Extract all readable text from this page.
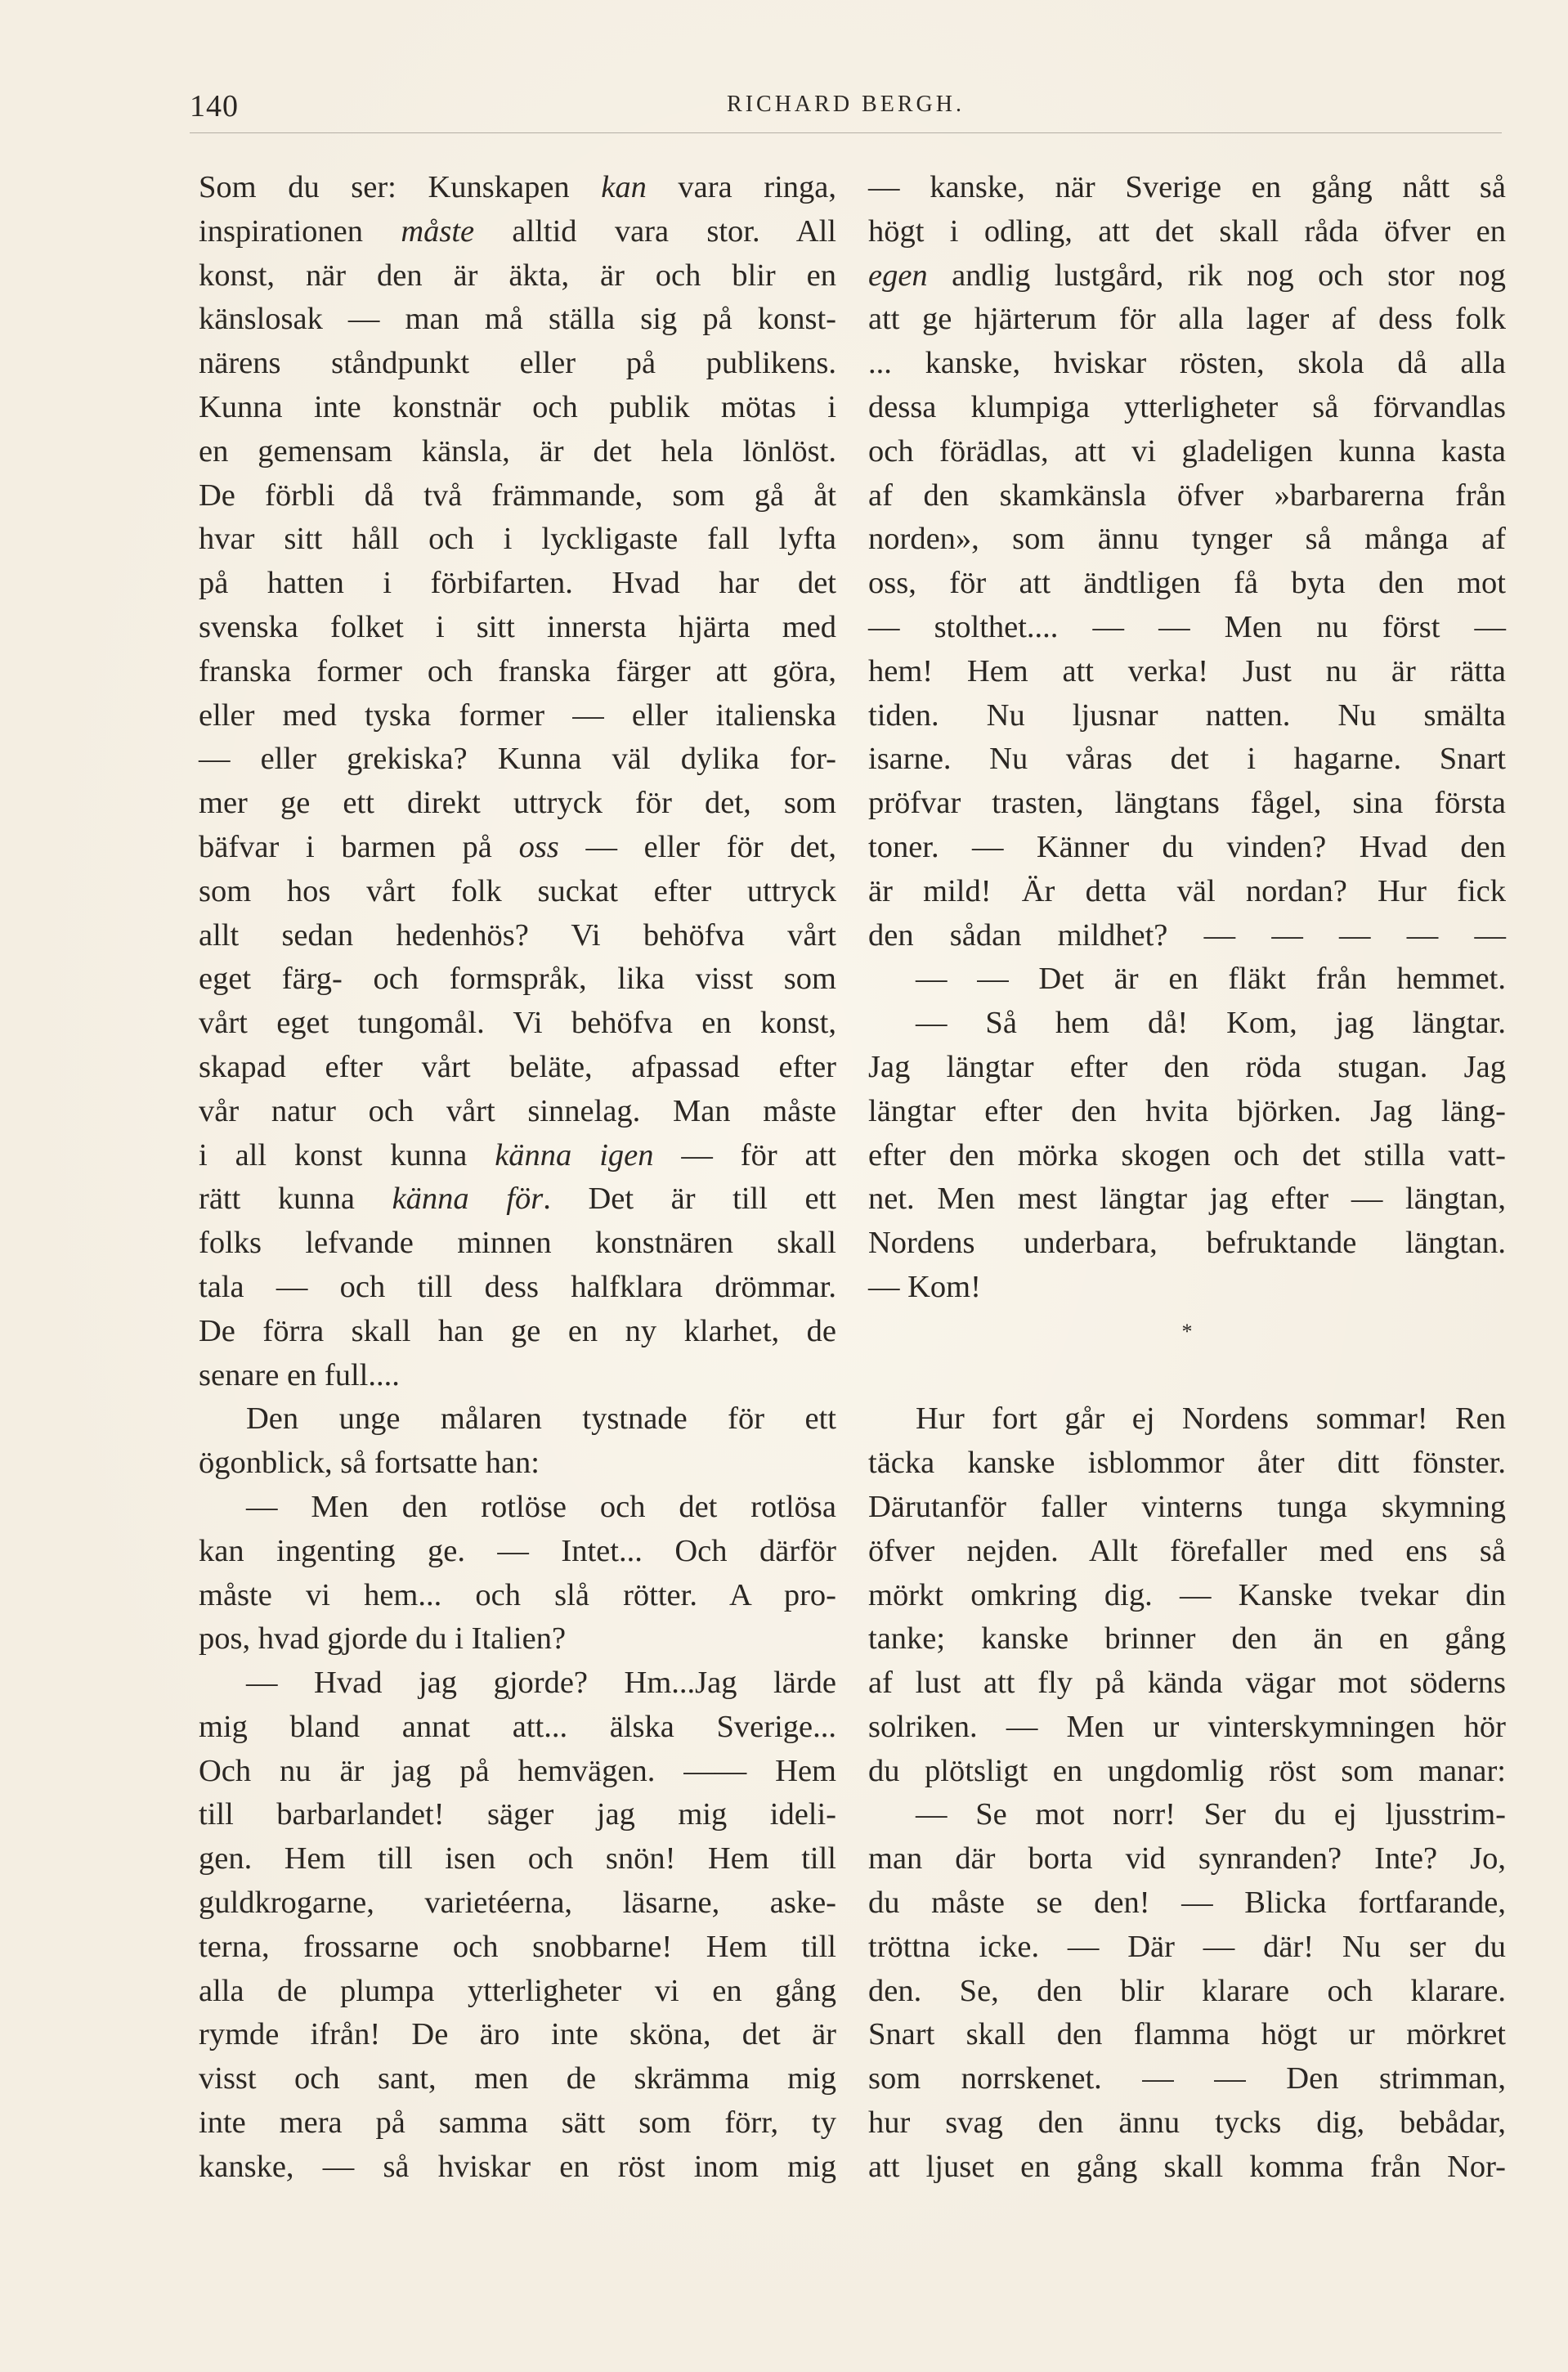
140	RICHARD BERGH.
Som du ser: Kunskapen kan vara ringa,
inspirationen måste alltid vara stor. All
konst, när den är äkta, är och blir en
känslosak — man må ställa sig på konst-
närens ståndpunkt eller på publikens.
Kunna inte konstnär och publik mötas i
en gemensam känsla, är det hela lönlöst.
De förbli då två främmande, som gå åt
hvar sitt håll och i lyckligaste fall lyfta
på hatten i förbifarten. Hvad har det
svenska folket i sitt innersta hjärta med
franska former och franska färger att göra,
eller med tyska former — eller italienska
— eller grekiska? Kunna väl dylika for-
mer ge ett direkt uttryck för det, som
bäfvar i barmen på oss — eller för det,
som hos vårt folk suckat efter uttryck
allt sedan hedenhös? Vi behöfva vårt
eget färg- och formspråk, lika visst som
vårt eget tungomål. Vi behöfva en konst,
skapad efter vårt beläte, afpassad efter
vår natur och vårt sinnelag. Man måste
i all konst kunna känna igen — för att
rätt kunna känna för. Det är till ett
folks lefvande minnen konstnären skall
tala — och till dess halfklara drömmar.
De förra skall han ge en ny klarhet, de
senare en full....
Den unge målaren tystnade för ett
ögonblick, så fortsatte han:
— Men den rotlöse och det rotlösa
kan ingenting ge. — Intet... Och därför
måste vi hem... och slå rötter. A pro-
pos, hvad gjorde du i Italien?
— Hvad jag gjorde? Hm...Jag lärde
mig bland annat att... älska Sverige...
Och nu är jag på hemvägen. —— Hem
till barbarlandet! säger jag mig ideli-
gen. Hem till isen och snön! Hem till
guldkrogarne, varietéerna, läsarne, aske-
terna, frossarne och snobbarne! Hem till
alla de plumpa ytterligheter vi en gång
rymde ifrån! De äro inte sköna, det är
visst och sant, men de skrämma mig
inte mera på samma sätt som förr, ty
kanske, — så hviskar en röst inom mig
— kanske, när Sverige en gång nått så
högt i odling, att det skall råda öfver en
egen andlig lustgård, rik nog och stor nog
att ge hjärterum för alla lager af dess folk
... kanske, hviskar rösten, skola då alla
dessa klumpiga ytterligheter så förvandlas
och förädlas, att vi gladeligen kunna kasta
af den skamkänsla öfver »barbarerna från
norden», som ännu tynger så många af
oss, för att ändtligen få byta den mot
— stolthet.... — — Men nu först —
hem! Hem att verka! Just nu är rätta
tiden. Nu ljusnar natten. Nu smälta
isarne. Nu våras det i hagarne. Snart
pröfvar trasten, längtans fågel, sina första
toner. — Känner du vinden? Hvad den
är mild! Är detta väl nordan? Hur fick
den sådan mildhet? — — — — —
— — Det är en fläkt från hemmet.
— Så hem då! Kom, jag längtar.
Jag längtar efter den röda stugan. Jag
längtar efter den hvita björken. Jag läng-
efter den mörka skogen och det stilla vatt-
net. Men mest längtar jag efter — längtan,
Nordens underbara, befruktande längtan.
— Kom!
*
Hur fort går ej Nordens sommar! Ren
täcka kanske isblommor åter ditt fönster.
Därutanför faller vinterns tunga skymning
öfver nejden. Allt förefaller med ens så
mörkt omkring dig. — Kanske tvekar din
tanke; kanske brinner den än en gång
af lust att fly på kända vägar mot söderns
solriken. — Men ur vinterskymningen hör
du plötsligt en ungdomlig röst som manar:
— Se mot norr! Ser du ej ljusstrim-
man där borta vid synranden? Inte? Jo,
du måste se den! — Blicka fortfarande,
tröttna icke. — Där — där! Nu ser du
den. Se, den blir klarare och klarare.
Snart skall den flamma högt ur mörkret
som norrskenet. — — Den strimman,
hur svag den ännu tycks dig, bebådar,
att ljuset en gång skall komma från Nor-
